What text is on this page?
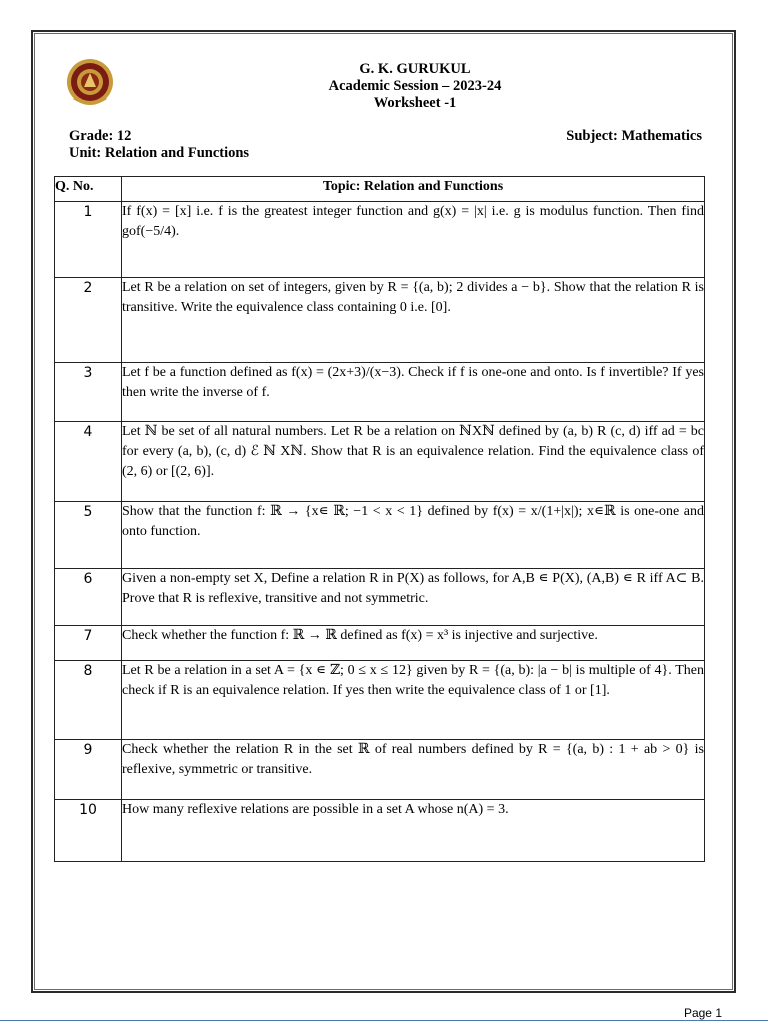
G. K. GURUKUL
Academic Session – 2023-24
Worksheet -1
Grade: 12
Unit: Relation and Functions
Subject: Mathematics
Q. No.	Topic: Relation and Functions
1	If f(x) = [x] i.e. f is the greatest integer function and g(x) = |x| i.e. g is modulus function. Then find gof(−5/4).
2	Let R be a relation on set of integers, given by R = {(a, b); 2 divides a − b}. Show that the relation R is transitive. Write the equivalence class containing 0 i.e. [0].
3	Let f be a function defined as f(x) = (2x+3)/(x−3). Check if f is one-one and onto. Is f invertible? If yes then write the inverse of f.
4	Let ℕ be set of all natural numbers. Let R be a relation on ℕXℕ defined by (a, b) R (c, d) iff ad = bc for every (a, b), (c, d) ℰ ℕ Xℕ. Show that R is an equivalence relation. Find the equivalence class of (2, 6) or [(2, 6)].
5	Show that the function f: ℝ → {x∊ ℝ; −1 < x < 1} defined by f(x) = x/(1+|x|); x∊ℝ is one-one and onto function.
6	Given a non-empty set X, Define a relation R in P(X) as follows, for A,B ∊ P(X), (A,B) ∊ R iff A⊂ B. Prove that R is reflexive, transitive and not symmetric.
7	Check whether the function f: ℝ → ℝ defined as f(x) = x³ is injective and surjective.
8	Let R be a relation in a set A = {x ∊ ℤ; 0 ≤ x ≤ 12} given by R = {(a, b): |a − b| is multiple of 4}. Then check if R is an equivalence relation. If yes then write the equivalence class of 1 or [1].
9	Check whether the relation R in the set ℝ of real numbers defined by R = {(a, b) : 1 + ab > 0} is reflexive, symmetric or transitive.
10	How many reflexive relations are possible in a set A whose n(A) = 3.
Page 1
